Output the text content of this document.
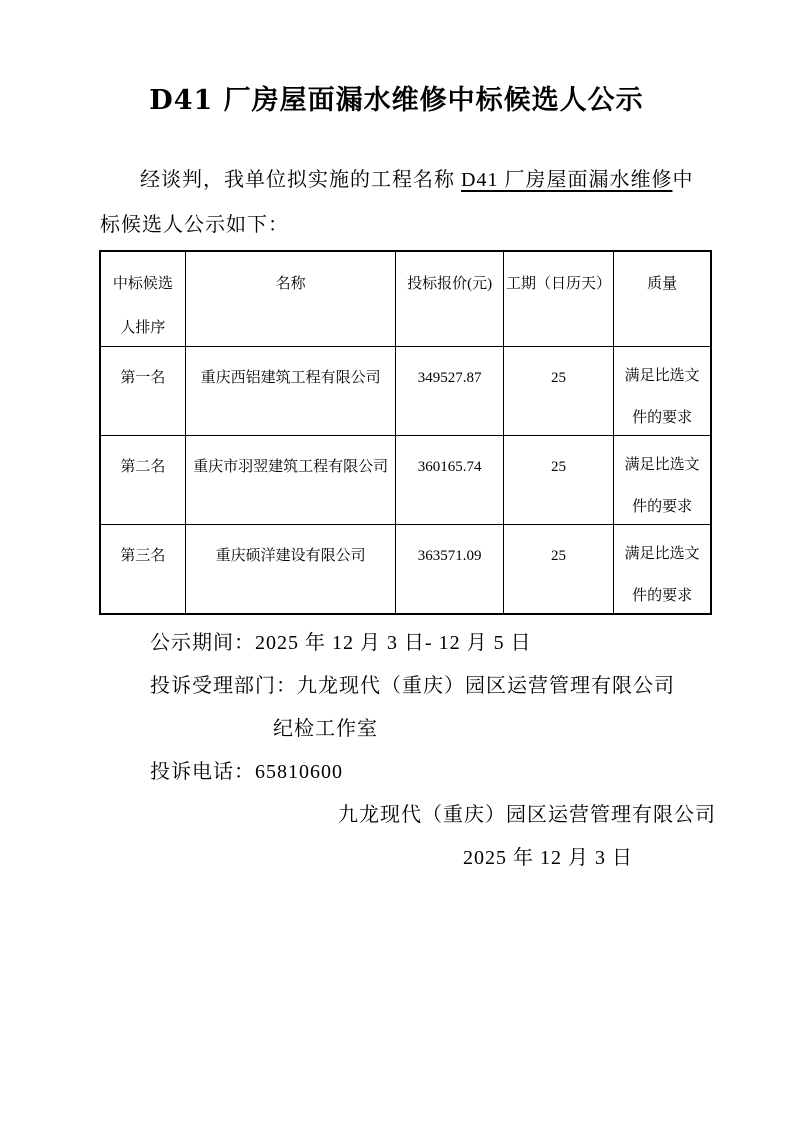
D41 厂房屋面漏水维修中标候选人公示

经谈判，我单位拟实施的工程名称 D41 厂房屋面漏水维修中标候选人公示如下：

中标候选
人排序	名称	投标报价(元)	工期（日历天）	质量
第一名	重庆西铝建筑工程有限公司	349527.87	25	满足比选文
件的要求

第二名	重庆市羽翌建筑工程有限公司	360165.74	25	满足比选文
件的要求

第三名	重庆硕洋建设有限公司	363571.09	25	满足比选文
件的要求

公示期间：2025 年 12 月 3 日- 12 月 5 日

投诉受理部门：九龙现代（重庆）园区运营管理有限公司

纪检工作室

投诉电话：65810600

九龙现代（重庆）园区运营管理有限公司

2025 年 12 月 3 日
